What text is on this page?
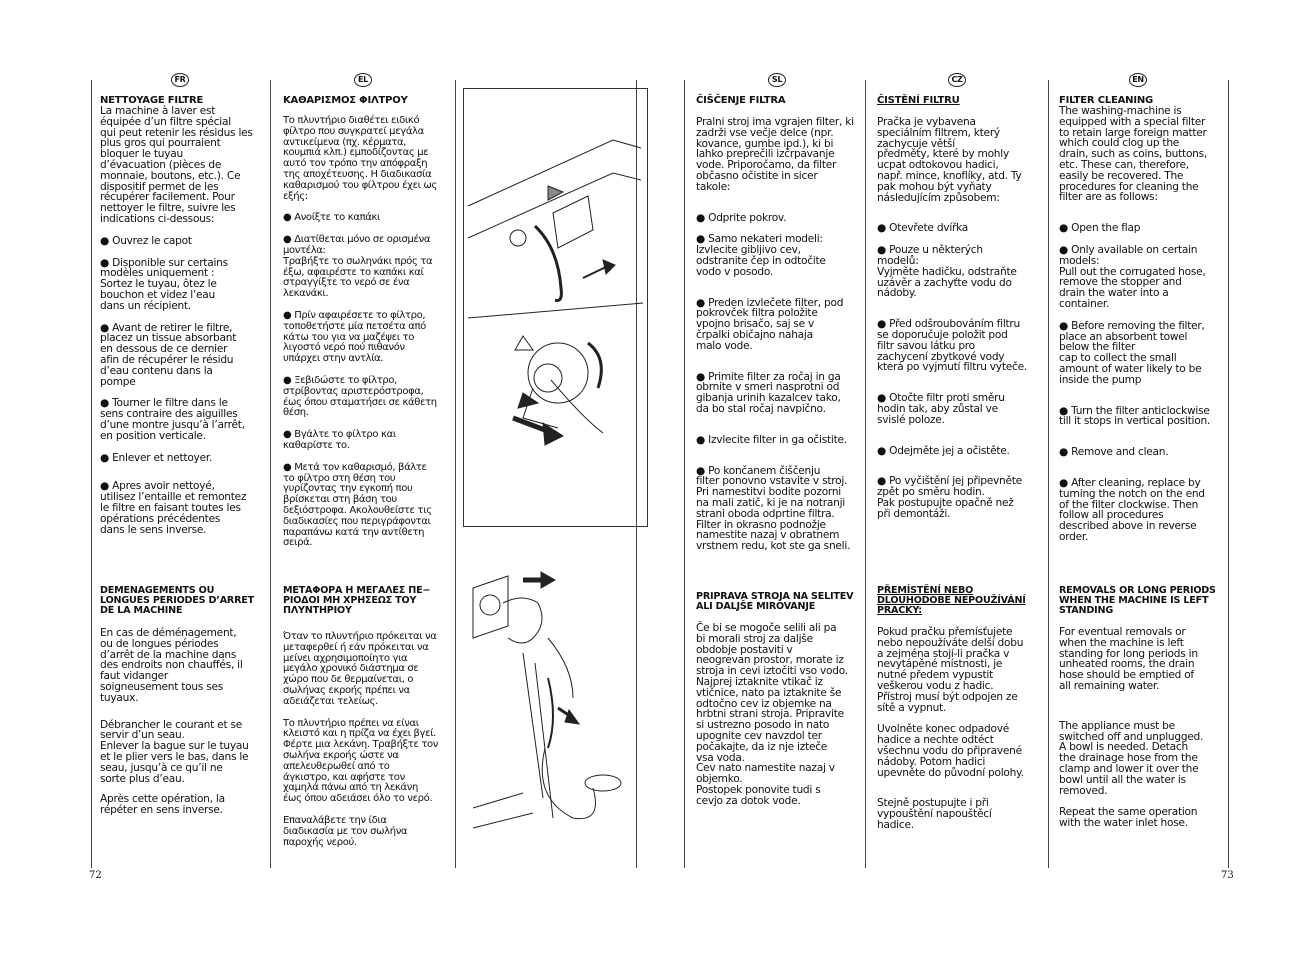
FR	EL	SL	CZ	EN

NETTOYAGE FILTRE

La machine à laver est
équipée d’un filtre spécial
qui peut retenir les résidus les
plus gros qui pourraient
bloquer le tuyau
d’évacuation (pièces de
monnaie, boutons, etc.). Ce
dispositif permet de les
récupérer facilement. Pour
nettoyer le filtre, suivre les
indications ci-dessous:

● Ouvrez le capot

● Disponible sur certains
modèles uniquement :
Sortez le tuyau, ôtez le
bouchon et videz l’eau
dans un récipient.

● Avant de retirer le filtre,
placez un tissue absorbant
en dessous de ce dernier
afin de récupérer le résidu
d’eau contenu dans la
pompe

● Tourner le filtre dans le
sens contraire des aiguilles
d’une montre jusqu’à l’arrêt,
en position verticale.

● Enlever et nettoyer.

● Apres avoir nettoyé,
utilisez l’entaille et remontez
le filtre en faisant toutes les
opérations précédentes
dans le sens inverse.

DEMENAGEMENTS OU
LONGUES PERIODES D’ARRET
DE LA MACHINE

En cas de déménagement,
ou de longues périodes
d’arrêt de la machine dans
des endroits non chauffés, il
faut vidanger
soigneusement tous ses
tuyaux.

Débrancher le courant et se
servir d’un seau.
Enlever la bague sur le tuyau
et le plier vers le bas, dans le
seau, jusqu’à ce qu’il ne
sorte plus d’eau.

Après cette opération, la
répéter en sens inverse.

ΚΑΘΑΡΙΣΜΟΣ ΦΙΛΤΡΟΥ

Το πλυντήριο διαθέτει ειδικό
φίλτρο που συγκρατεί μεγάλα
αντικείμενα (πχ. κέρματα,
κουμπιά κλπ.) εμποδίζοντας με
αυτό τον τρόπο την απόφραξη
της αποχέτευσης. Η διαδικασία
καθαρισμού του φίλτρου έχει ως
εξής:

● Ανοίξτε το καπάκι

● Διατίθεται μόνο σε ορισμένα
μοντέλα:
Τραβήξτε το σωληνάκι πρός τα
έξω, αφαιρέστε το καπάκι καί
στραγγίξτε το νερό σε ένα
λεκανάκι.

● Πρίν αφαιρέσετε το φίλτρο,
τοποθετήστε μία πετσέτα από
κάτω του για να μαζέψει το
λιγοστό νερό πού πιθανόν
υπάρχει στην αντλία.

● Ξεβιδώστε το φίλτρο,
στρίβοντας αριστερόστροφα,
έως όπου σταματήσει σε κάθετη
θέση.

● Βγάλτε το φίλτρο και
καθαρίστε το.

● Μετά τον καθαρισμό, βάλτε
το φίλτρο στη θέση του
γυρίζοντας την εγκοπή που
βρίσκεται στη βάση του
δεξιόστροφα. Ακολουθείστε τις
διαδικασίες που περιγράφονται
παραπάνω κατά την αντίθετη
σειρά.

ΜΕΤΑΦΟΡΑ Η ΜΕΓΑΛΕΣ ΠΕ−
ΡΙΟΔΟΙ ΜΗ ΧΡΗΣΕΩΣ ΤΟΥ
ΠΛΥΝΤΗΡΙΟΥ

Όταν το πλυντήριο πρόκειται να
μεταφερθεί ή εάν πρόκειται να
μείνει αχρησιμοποίητο για
μεγάλο χρονικό διάστημα σε
χώρο που δε θερμαίνεται, ο
σωλήνας εκροής πρέπει να
αδειάζεται τελείως.

Το πλυντήριο πρέπει να είναι
κλειστό και η πρίζα να έχει βγεί.
Φέρτε μια λεκάνη. Τραβήξτε τον
σωλήνα εκροής ώστε να
απελευθερωθεί από το
άγκιστρο, και αφήστε τον
χαμηλά πάνω από τη λεκάνη
έως όπου αδειάσει όλο το νερό.

Επαναλάβετε την ίδια
διαδικασία με τον σωλήνα
παροχής νερού.

ČIŠČENJE FILTRA

Pralni stroj ima vgrajen filter, ki
zadrži vse večje delce (npr.
kovance, gumbe ipd.), ki bi
lahko preprečili izčrpavanje
vode. Priporočamo, da filter
občasno očistite in sicer
takole:

● Odprite pokrov.

● Samo nekateri modeli:
Izvlecite gibljivo cev,
odstranite čep in odtočite
vodo v posodo.

● Preden izvlečete filter, pod
pokrovček filtra položite
vpojno brisačo, saj se v
črpalki običajno nahaja
malo vode.

● Primite filter za ročaj in ga
obrnite v smeri nasprotni od
gibanja urinih kazalcev tako,
da bo stal ročaj navpično.

● Izvlecite filter in ga očistite.

● Po končanem čiščenju
filter ponovno vstavite v stroj.
Pri namestitvi bodite pozorni
na mali zatič, ki je na notranji
strani oboda odprtine filtra.
Filter in okrasno podnožje
namestite nazaj v obratnem
vrstnem redu, kot ste ga sneli.

PRIPRAVA STROJA NA SELITEV
ALI DALJŠE MIROVANJE

Če bi se mogoče selili ali pa
bi morali stroj za daljše
obdobje postaviti v
neogrevan prostor, morate iz
stroja in cevi iztočiti vso vodo.
Najprej iztaknite vtikač iz
vtičnice, nato pa iztaknite še
odtočno cev iz objemke na
hrbtni strani stroja. Pripravite
si ustrezno posodo in nato
upognite cev navzdol ter
počakajte, da iz nje izteče
vsa voda.
Cev nato namestite nazaj v
objemko.
Postopek ponovite tudi s
cevjo za dotok vode.

ČISTĚNÍ FILTRU

Pračka je vybavena
speciálním filtrem, který
zachycuje větší
předměty, které by mohly
ucpat odtokovou hadici,
např. mince, knoflíky, atd. Ty
pak mohou být vyňaty
následujícím způsobem:

● Otevřete dvířka

● Pouze u některých
modelů:
Vyjměte hadičku, odstraňte
uzávěr a zachyťte vodu do
nádoby.

● Před odšroubováním filtru
se doporučuje položit pod
filtr savou látku pro
zachycení zbytkové vody
která po vyjmutí filtru vyteče.

● Otočte filtr proti směru
hodin tak, aby zůstal ve
svislé poloze.

● Odejměte jej a očistěte.

● Po vyčištění jej připevněte
zpět po směru hodin.
Pak postupujte opačně než
při demontáži.

PŘEMÍSTĚNÍ NEBO
DLOUHODOBÉ NEPOUŽÍVÁNÍ
PRAČKY:

Pokud pračku přemísťujete
nebo nepoužíváte delší dobu
a zejména stojí-li pračka v
nevytápěné místnosti, je
nutné předem vypustit
veškerou vodu z hadic.
Přístroj musí být odpojen ze
sítě a vypnut.

Uvolněte konec odpadové
hadice a nechte odtéct
všechnu vodu do připravené
nádoby. Potom hadici
upevněte do původní polohy.

Stejně postupujte i při
vypouštění napouštěcí
hadice.

FILTER CLEANING

The washing-machine is
equipped with a special filter
to retain large foreign matter
which could clog up the
drain, such as coins, buttons,
etc. These can, therefore,
easily be recovered. The
procedures for cleaning the
filter are as follows:

● Open the flap

● Only available on certain
models:
Pull out the corrugated hose,
remove the stopper and
drain the water into a
container.

● Before removing the filter,
place an absorbent towel
below the filter
cap to collect the small
amount of water likely to be
inside the pump

● Turn the filter anticlockwise
till it stops in vertical position.

● Remove and clean.

● After cleaning, replace by
turning the notch on the end
of the filter clockwise. Then
follow all procedures
described above in reverse
order.

REMOVALS OR LONG PERIODS
WHEN THE MACHINE IS LEFT
STANDING

For eventual removals or
when the machine is left
standing for long periods in
unheated rooms, the drain
hose should be emptied of
all remaining water.

The appliance must be
switched off and unplugged.
A bowl is needed. Detach
the drainage hose from the
clamp and lower it over the
bowl until all the water is
removed.

Repeat the same operation
with the water inlet hose.

72	73
